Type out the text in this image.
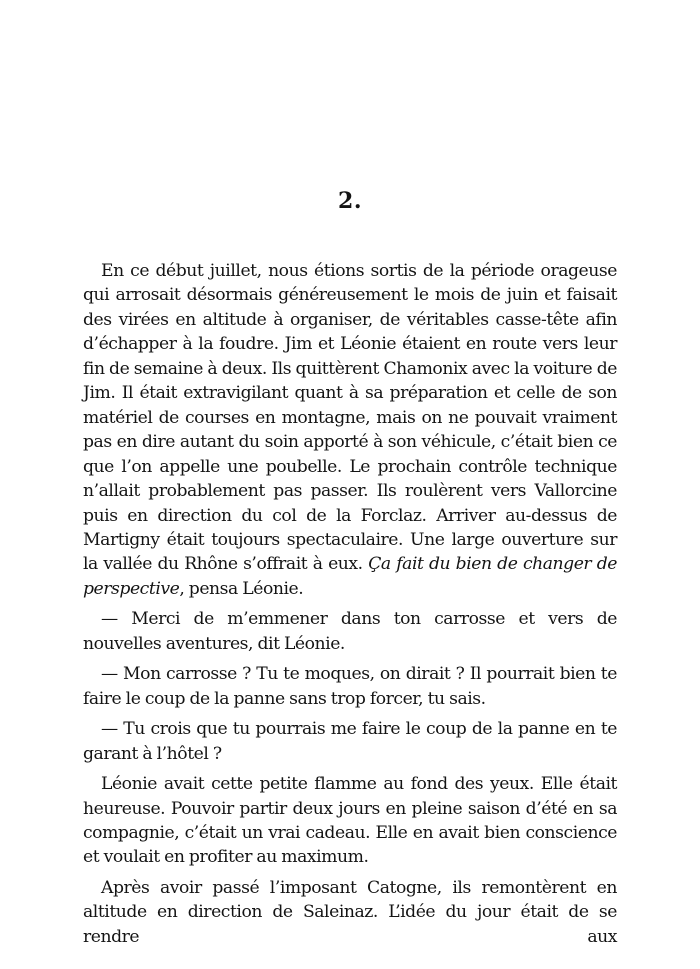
2.

En ce début juillet, nous étions sortis de la période orageuse qui arrosait désormais généreusement le mois de juin et faisait des virées en altitude à organiser, de véritables casse-tête afin d’échapper à la foudre. Jim et Léonie étaient en route vers leur fin de semaine à deux. Ils quittèrent Chamonix avec la voiture de Jim. Il était extravigilant quant à sa préparation et celle de son matériel de courses en montagne, mais on ne pouvait vraiment pas en dire autant du soin apporté à son véhicule, c’était bien ce que l’on appelle une poubelle. Le prochain contrôle technique n’allait probablement pas passer. Ils roulèrent vers Vallorcine puis en direction du col de la Forclaz. Arriver au-dessus de Martigny était toujours spectaculaire. Une large ouverture sur la vallée du Rhône s’offrait à eux. Ça fait du bien de changer de perspective, pensa Léonie.

— Merci de m’emmener dans ton carrosse et vers de nouvelles aventures, dit Léonie.

— Mon carrosse ? Tu te moques, on dirait ? Il pourrait bien te faire le coup de la panne sans trop forcer, tu sais.

— Tu crois que tu pourrais me faire le coup de la panne en te garant à l’hôtel ?

Léonie avait cette petite flamme au fond des yeux. Elle était heureuse. Pouvoir partir deux jours en pleine saison d’été en sa compagnie, c’était un vrai cadeau. Elle en avait bien conscience et voulait en profiter au maximum.

Après avoir passé l’imposant Catogne, ils remontèrent en altitude en direction de Saleinaz. L’idée du jour était de se rendre aux
